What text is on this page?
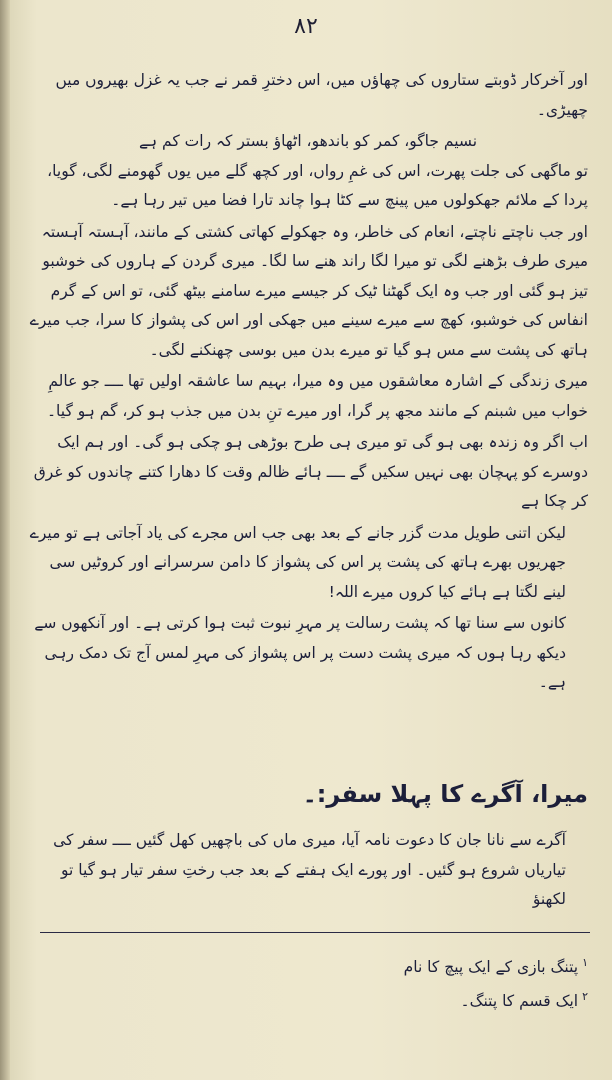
۸۲

اور آخرکار ڈوبتے ستاروں کی چھاؤں میں، اس دخترِ قمر نے جب یہ غزل بھیروں میں چھیڑی۔

نسیم جاگو، کمر کو باندھو، اٹھاؤ بستر کہ رات کم ہے

تو ماگھی کی جلت پھرت، اس کی غمِ رواں، اور کچھ گلے میں یوں گھومنے لگی، گویا، پردا کے ملائم جھکولوں میں پینچ سے کٹا ہوا چاند تارا فضا میں تیر رہا ہے۔

اور جب ناچتے ناچتے، انعام کی خاطر، وہ جھکولے کھاتی کشتی کے مانند، آہستہ آہستہ میری طرف بڑھنے لگی تو میرا لگا راند ھنے سا لگا۔ میری گردن کے ہاروں کی خوشبو تیز ہو گئی اور جب وہ ایک گھٹنا ٹیک کر جیسے میرے سامنے بیٹھ گئی، تو اس کے گرم انفاس کی خوشبو، کھچ سے میرے سینے میں جھکی اور اس کی پشواز کا سرا، جب میرے ہاتھ کی پشت سے مس ہو گیا تو میرے بدن میں بوسی چھنکنے لگی۔

میری زندگی کے اشارہ معاشقوں میں وہ میرا، بہیم سا عاشقہ اولیں تھا ــــ جو عالمِ خواب میں شبنم کے مانند مجھ پر گرا، اور میرے تنِ بدن میں جذب ہو کر، گم ہو گیا۔

اب اگر وہ زندہ بھی ہو گی تو میری ہی طرح بوڑھی ہو چکی ہو گی۔ اور ہم ایک دوسرے کو پہچان بھی نہیں سکیں گے ــــ ہائے ظالم وقت کا دھارا کتنے چاندوں کو غرق کر چکا ہے

لیکن اتنی طویل مدت گزر جانے کے بعد بھی جب اس مجرے کی یاد آجاتی ہے تو میرے جھریوں بھرے ہاتھ کی پشت پر اس کی پشواز کا دامن سرسرانے اور کروٹیں سی لینے لگتا ہے ہائے کیا کروں میرے اللہ!

کانوں سے سنا تھا کہ پشت رسالت پر مہرِ نبوت ثبت ہوا کرتی ہے۔ اور آنکھوں سے دیکھ رہا ہوں کہ میری پشت دست پر اس پشواز کی مہرِ لمس آج تک دمک رہی ہے۔

میرا، آگرے کا پہلا سفر:۔

آگرے سے نانا جان کا دعوت نامہ آیا، میری ماں کی باچھیں کھل گئیں ــــ سفر کی تیاریاں شروع ہو گئیں۔ اور پورے ایک ہفتے کے بعد جب رختِ سفر تیار ہو گیا تو لکھنؤ

$^۱$پتنگ بازی کے ایک پیچ کا نام

$^۲$ایک قسم کا پتنگ۔
